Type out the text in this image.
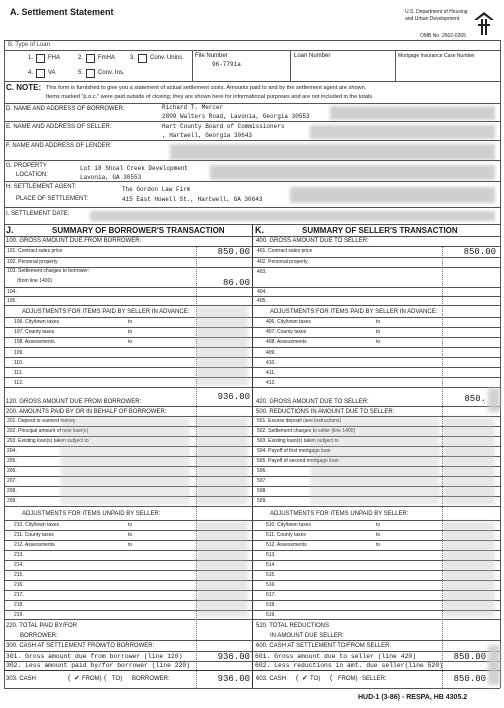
A. Settlement Statement	U.S. Department of Housing
and Urban Development
OMB No. 2502-0265
B. Type of Loan
1. FHA	2. FmHA	3. Conv. Unins.
4. VA	5. Conv. Ins.
File Number
96-7791a
Loan Number	Mortgage Insurance Case Number
C. NOTE: This form is furnished to give you a statement of actual settlement costs. Amounts paid to and by the settlement agent are shown.
Items marked "p.o.c." were paid outside of closing; they are shown here for informational purposes and are not included in the totals.
D. NAME AND ADDRESS OF BORROWER:	Richard T. Mercer
2809 Walters Road, Lavonia, Georgia 30553
E. NAME AND ADDRESS OF SELLER:	Hart County Board of Commissioners
, Hartwell, Georgia 30643
F. NAME AND ADDRESS OF LENDER:
G. PROPERTY
LOCATION:
Lot 18 Shoal Creek Development
Lavonia, GA 30553
H. SETTLEMENT AGENT:
PLACE OF SETTLEMENT:
The Gordon Law Firm
415 East Howell St., Hartwell, GA 30643
I. SETTLEMENT DATE:
J.	SUMMARY OF BORROWER'S TRANSACTION	K.	SUMMARY OF SELLER'S TRANSACTION
100. GROSS AMOUNT DUE FROM BORROWER:
101. Contract sales price	850.00
102. Personal property
103. Settlement charges to borrower:
(from line 1400)	86.00
104.
105.
ADJUSTMENTS FOR ITEMS PAID BY SELLER IN ADVANCE:
106. City/town taxes	to
107. County taxes	to
108. Assessments	to
109.
110.
111.
112.
120. GROSS AMOUNT DUE FROM BORROWER:	936.00
200. AMOUNTS PAID BY OR IN BEHALF OF BORROWER:
201. Deposit or earnest money
202. Principal amount of new loan(s)
203. Existing loan(s) taken subject to
204.
205.
206.
207.
208.
209.
ADJUSTMENTS FOR ITEMS UNPAID BY SELLER:
210. City/town taxes	to
211. County taxes	to
212. Assessments	to
213.
214.
215.
216.
217.
218.
219.
220. TOTAL PAID BY/FOR
BORROWER:
300. CASH AT SETTLEMENT FROM/TO BORROWER:
301. Gross amount due from borrower (line 120)	936.00
302. Less amount paid by/for borrower (line 220)
303. CASH	( ✓ FROM) ( TO) BORROWER:	936.00
400. GROSS AMOUNT DUE TO SELLER:
401. Contract sales price	850.00
402. Personal property
403.
404.
405.
ADJUSTMENTS FOR ITEMS PAID BY SELLER IN ADVANCE:
406. City/town taxes	to
407. County taxes	to
408. Assessments	to
409.
410.
411.
412.
420. GROSS AMOUNT DUE TO SELLER:	850.
500. REDUCTIONS IN AMOUNT DUE TO SELLER:
501. Excess deposit (see instructions)
502. Settlement charges to seller (line 1400)
503. Existing loan(s) taken subject to
504. Payoff of first mortgage loan
505. Payoff of second mortgage loan
506.
507.
508.
509.
ADJUSTMENTS FOR ITEMS UNPAID BY SELLER:
510. City/town taxes	to
511. County taxes	to
512. Assessments	to
513.
514.
515.
516.
517.
518.
519.
520. TOTAL REDUCTIONS
IN AMOUNT DUE SELLER:
600. CASH AT SETTLEMENT TO/FROM SELLER:
601. Gross amount due to seller (line 420)	850.00
602. Less reductions in amt. due seller(line 520)
603. CASH ( ✓ TO) ( FROM) SELLER:	850.00
HUD-1 (3-86) - RESPA, HB 4305.2
